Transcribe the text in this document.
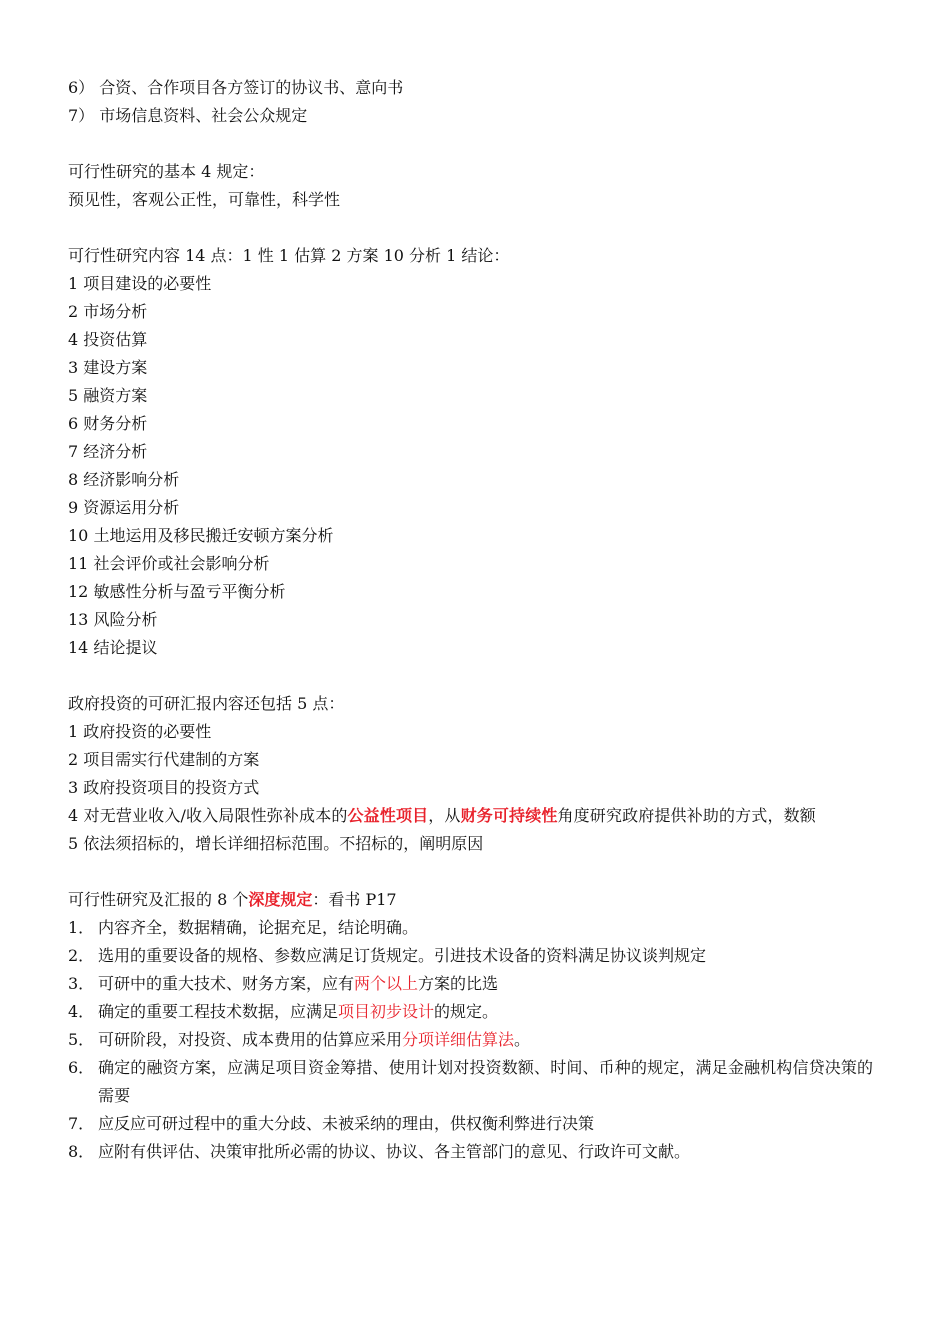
6） 合资、合作项目各方签订的协议书、意向书
7） 市场信息资料、社会公众规定
可行性研究的基本 4 规定：
预见性，客观公正性，可靠性，科学性
可行性研究内容 14 点：1 性 1 估算 2 方案 10 分析 1 结论：
1 项目建设的必要性
2 市场分析
4 投资估算
3 建设方案
5 融资方案
6 财务分析
7 经济分析
8 经济影响分析
9 资源运用分析
10 土地运用及移民搬迁安顿方案分析
11 社会评价或社会影响分析
12 敏感性分析与盈亏平衡分析
13 风险分析
14 结论提议
政府投资的可研汇报内容还包括 5 点：
1 政府投资的必要性
2 项目需实行代建制的方案
3 政府投资项目的投资方式
4 对无营业收入/收入局限性弥补成本的公益性项目，从财务可持续性角度研究政府提供补助的方式，数额
5 依法须招标的，增长详细招标范围。不招标的，阐明原因
可行性研究及汇报的 8 个深度规定：看书 P17
1． 内容齐全，数据精确，论据充足，结论明确。
2． 选用的重要设备的规格、参数应满足订货规定。引进技术设备的资料满足协议谈判规定
3． 可研中的重大技术、财务方案，应有两个以上方案的比选
4． 确定的重要工程技术数据，应满足项目初步设计的规定。
5． 可研阶段，对投资、成本费用的估算应采用分项详细估算法。
6． 确定的融资方案，应满足项目资金筹措、使用计划对投资数额、时间、币种的规定，满足金融机构信贷决策的需要
7． 应反应可研过程中的重大分歧、未被采纳的理由，供权衡利弊进行决策
8． 应附有供评估、决策审批所必需的协议、协议、各主管部门的意见、行政许可文献。
